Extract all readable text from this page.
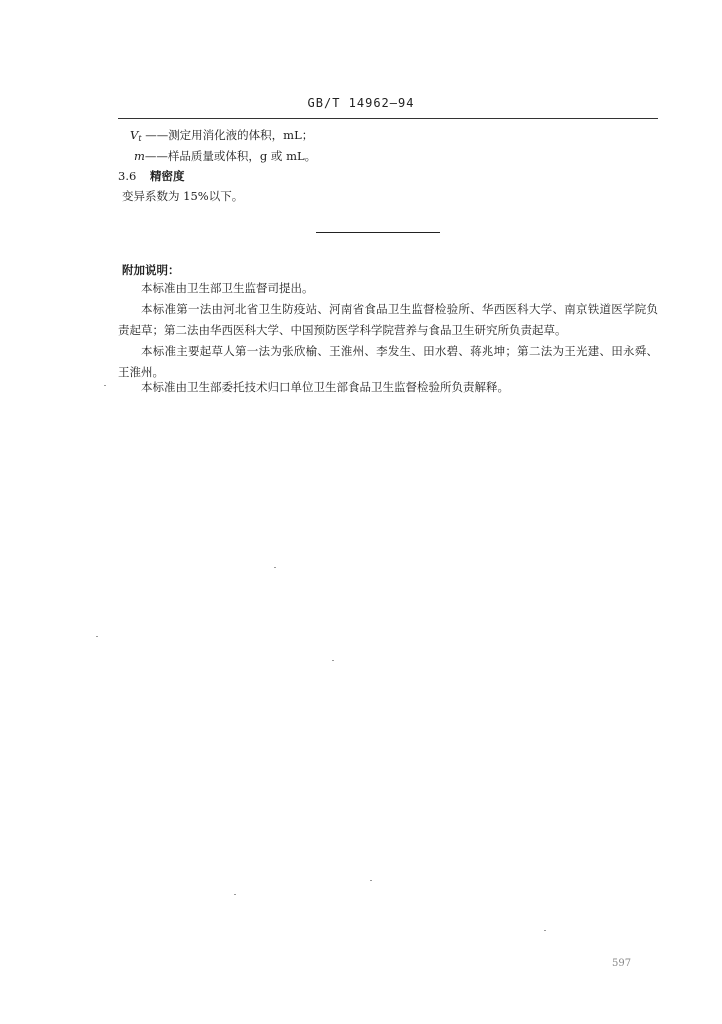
GB/T 14962—94
$V_t$ ——测定用消化液的体积，mL；
m——样品质量或体积，g 或 mL。
3.6 精密度
变异系数为 15%以下。
附加说明：
本标准由卫生部卫生监督司提出。
本标准第一法由河北省卫生防疫站、河南省食品卫生监督检验所、华西医科大学、南京铁道医学院负责起草；第二法由华西医科大学、中国预防医学科学院营养与食品卫生研究所负责起草。
本标准主要起草人第一法为张欣榆、王淮州、李发生、田水碧、蒋兆坤；第二法为王光建、田永舜、王淮州。
本标准由卫生部委托技术归口单位卫生部食品卫生监督检验所负责解释。
597
